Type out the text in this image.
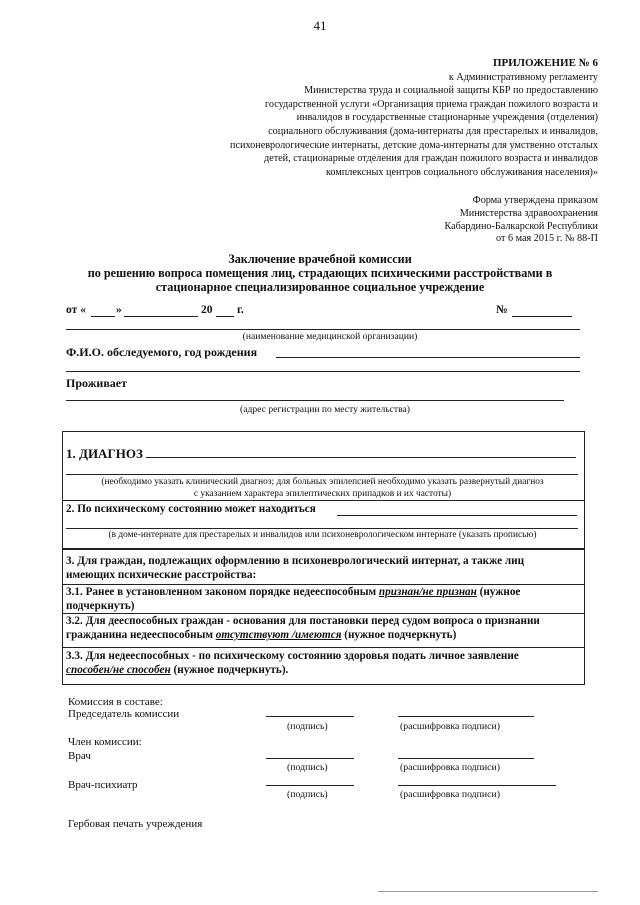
41
ПРИЛОЖЕНИЕ № 6
к Административному регламенту
Министерства труда и социальной защиты КБР по предоставлению
государственной услуги «Организация приема граждан пожилого возраста и
инвалидов в государственные стационарные учреждения (отделения)
социального обслуживания (дома-интернаты для престарелых и инвалидов,
психоневрологические интернаты, детские дома-интернаты для умственно отсталых
детей, стационарные отделения для граждан пожилого возраста и инвалидов
комплексных центров социального обслуживания населения)»
Форма утверждена приказом
Министерства здравоохранения
Кабардино-Балкарской Республики
от 6 мая 2015 г. № 88-П
Заключение врачебной комиссии
по решению вопроса помещения лиц, страдающих психическими расстройствами в
стационарное специализированное социальное учреждение
от «	»	20 г.	№
(наименование медицинской организации)
Ф.И.О. обследуемого, год рождения
Проживает
(адрес регистрации по месту жительства)
1. ДИАГНОЗ
(необходимо указать клинический диагноз; для больных эпилепсией необходимо указать развернутый диагноз
с указанием характера эпилептических припадков и их частоты)
2. По психическому состоянию может находиться
(в доме-интернате для престарелых и инвалидов или психоневрологическом интернате (указать прописью)
3. Для граждан, подлежащих оформлению в психоневрологический интернат, а также лиц
имеющих психические расстройства:
3.1. Ранее в установленном законом порядке недееспособным признан/не признан (нужное
подчеркнуть)
3.2. Для дееспособных граждан - основания для постановки перед судом вопроса о признании
гражданина недееспособным отсутствуют /имеются (нужное подчеркнуть)
3.3. Для недееспособных - по психическому состоянию здоровья подать личное заявление
способен/не способен (нужное подчеркнуть).
Комиссия в составе:
Председатель комиссии
(подпись)	(расшифровка подписи)
Член комиссии:
Врач
(подпись)	(расшифровка подписи)
Врач-психиатр
(подпись)	(расшифровка подписи)
Гербовая печать учреждения
